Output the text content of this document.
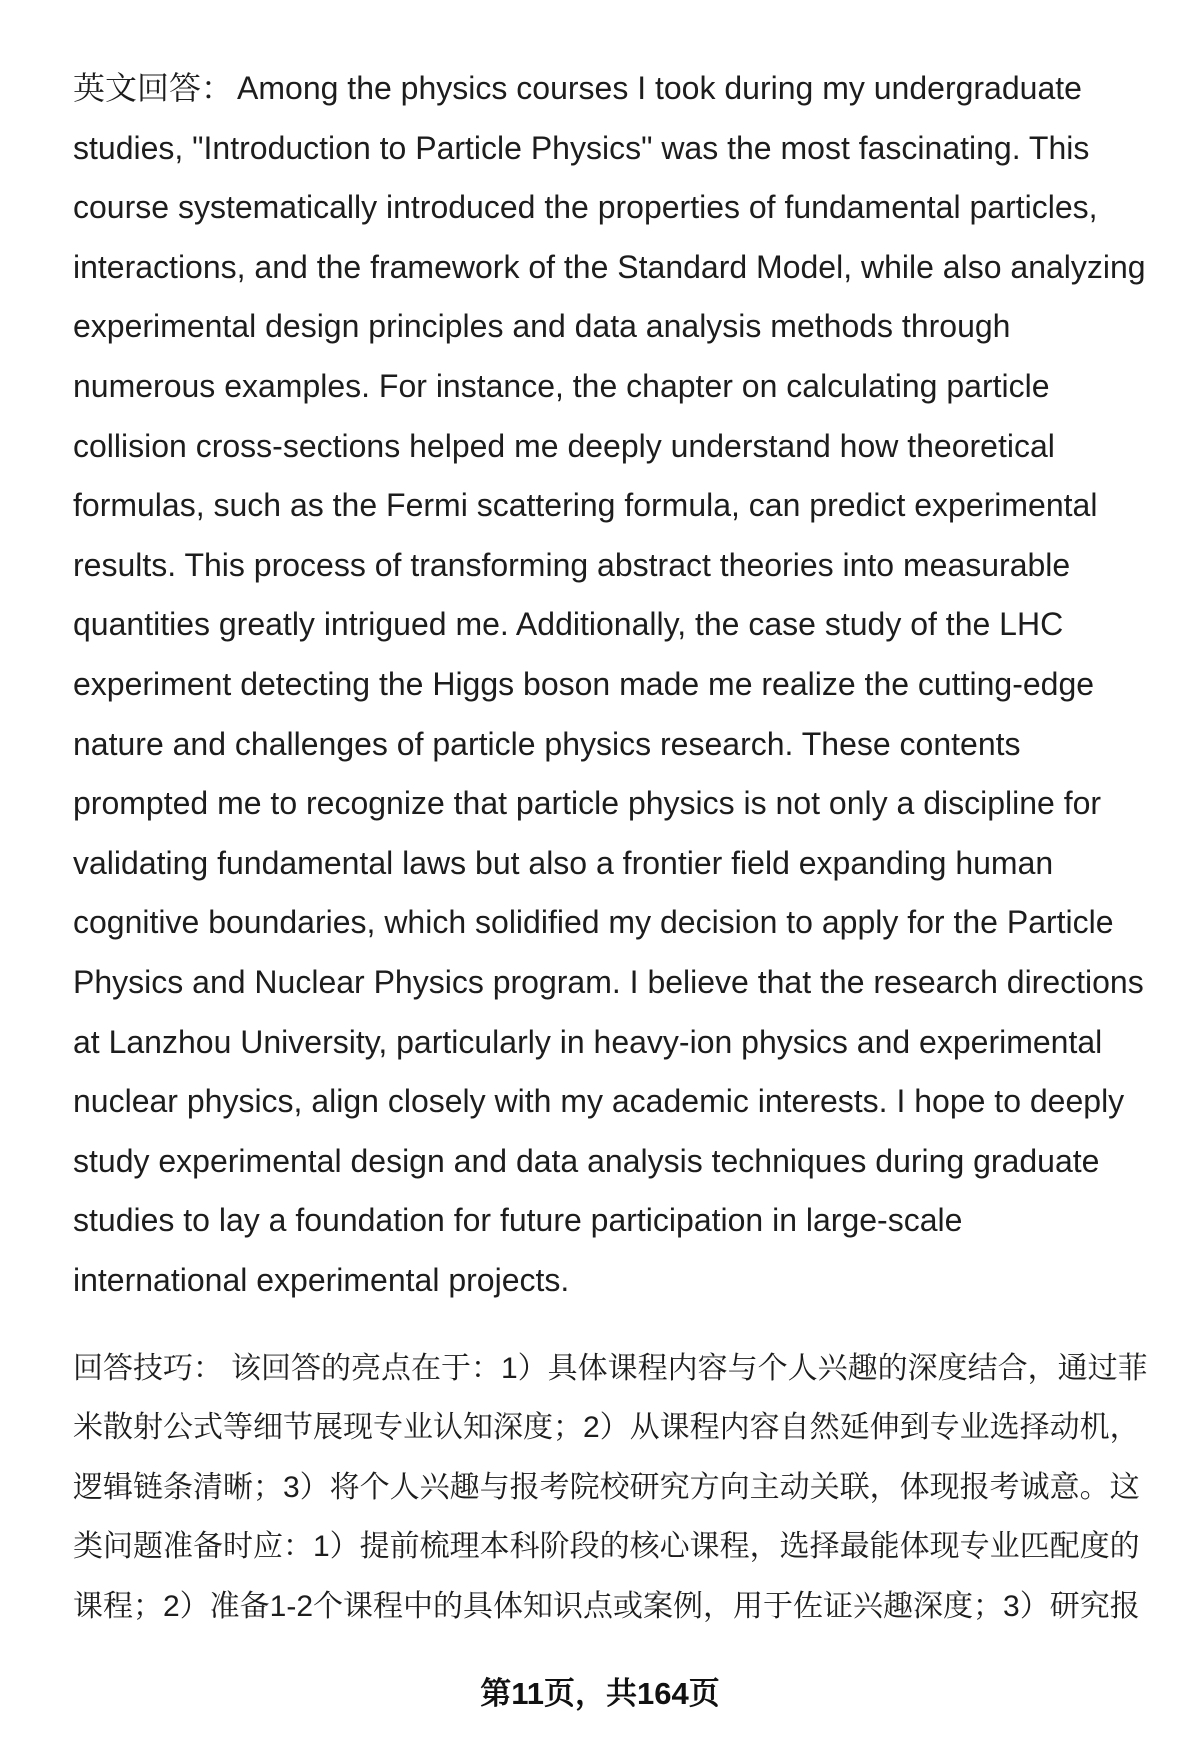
英文回答： Among the physics courses I took during my undergraduate
studies, "Introduction to Particle Physics" was the most fascinating. This
course systematically introduced the properties of fundamental particles,
interactions, and the framework of the Standard Model, while also analyzing
experimental design principles and data analysis methods through
numerous examples. For instance, the chapter on calculating particle
collision cross-sections helped me deeply understand how theoretical
formulas, such as the Fermi scattering formula, can predict experimental
results. This process of transforming abstract theories into measurable
quantities greatly intrigued me. Additionally, the case study of the LHC
experiment detecting the Higgs boson made me realize the cutting-edge
nature and challenges of particle physics research. These contents
prompted me to recognize that particle physics is not only a discipline for
validating fundamental laws but also a frontier field expanding human
cognitive boundaries, which solidified my decision to apply for the Particle
Physics and Nuclear Physics program. I believe that the research directions
at Lanzhou University, particularly in heavy-ion physics and experimental
nuclear physics, align closely with my academic interests. I hope to deeply
study experimental design and data analysis techniques during graduate
studies to lay a foundation for future participation in large-scale
international experimental projects.
回答技巧： 该回答的亮点在于：1）具体课程内容与个人兴趣的深度结合，通过菲
米散射公式等细节展现专业认知深度；2）从课程内容自然延伸到专业选择动机，
逻辑链条清晰；3）将个人兴趣与报考院校研究方向主动关联，体现报考诚意。这
类问题准备时应：1）提前梳理本科阶段的核心课程，选择最能体现专业匹配度的
课程；2）准备1-2个课程中的具体知识点或案例，用于佐证兴趣深度；3）研究报
第11页，共164页
